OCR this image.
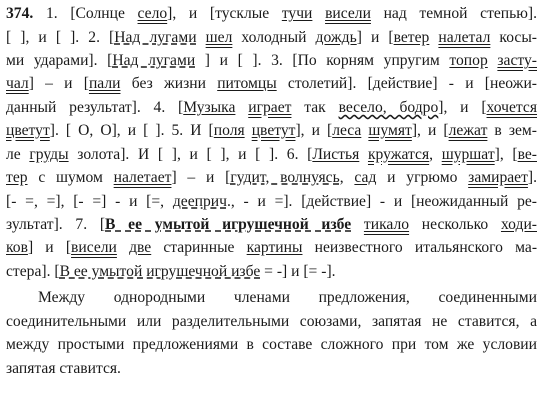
374. 1. [Солнце село], и [тусклые тучи висели над темной степью].
[ ], и [ ]. 2. [Над лугами шел холодный дождь] и [ветер налетал косы-
ми ударами]. [Над лугами ] и [ ]. 3. [По корням упругим топор засту-
чал] – и [пали без жизни питомцы столетий]. [действие] - и [неожи-
данный результат]. 4. [Музыка играет так весело, бодро], и [хочется
цветут]. [ О, О], и [ ]. 5. И [поля цветут], и [леса шумят], и [лежат в зем-
ле груды золота]. И [ ], и [ ], и [ ]. 6. [Листья кружатся, шуршат], [ве-
тер с шумом налетает] – и [гудит, волнуясь, сад и угрюмо замирает].
[- =, =], [- =] - и [=, дееприч., - и =]. [действие] - и [неожиданный ре-
зультат]. 7. [В ее умытой игрушечной избе тикало несколько ходи-
ков] и [висели две старинные картины неизвестного итальянского ма-
стера]. [В ее умытой игрушечной избе = -] и [= -].
Между однородными членами предложения, соединенными соединительными или разделительными союзами, запятая не ставится, а между простыми предложениями в составе сложного при том же условии запятая ставится.
